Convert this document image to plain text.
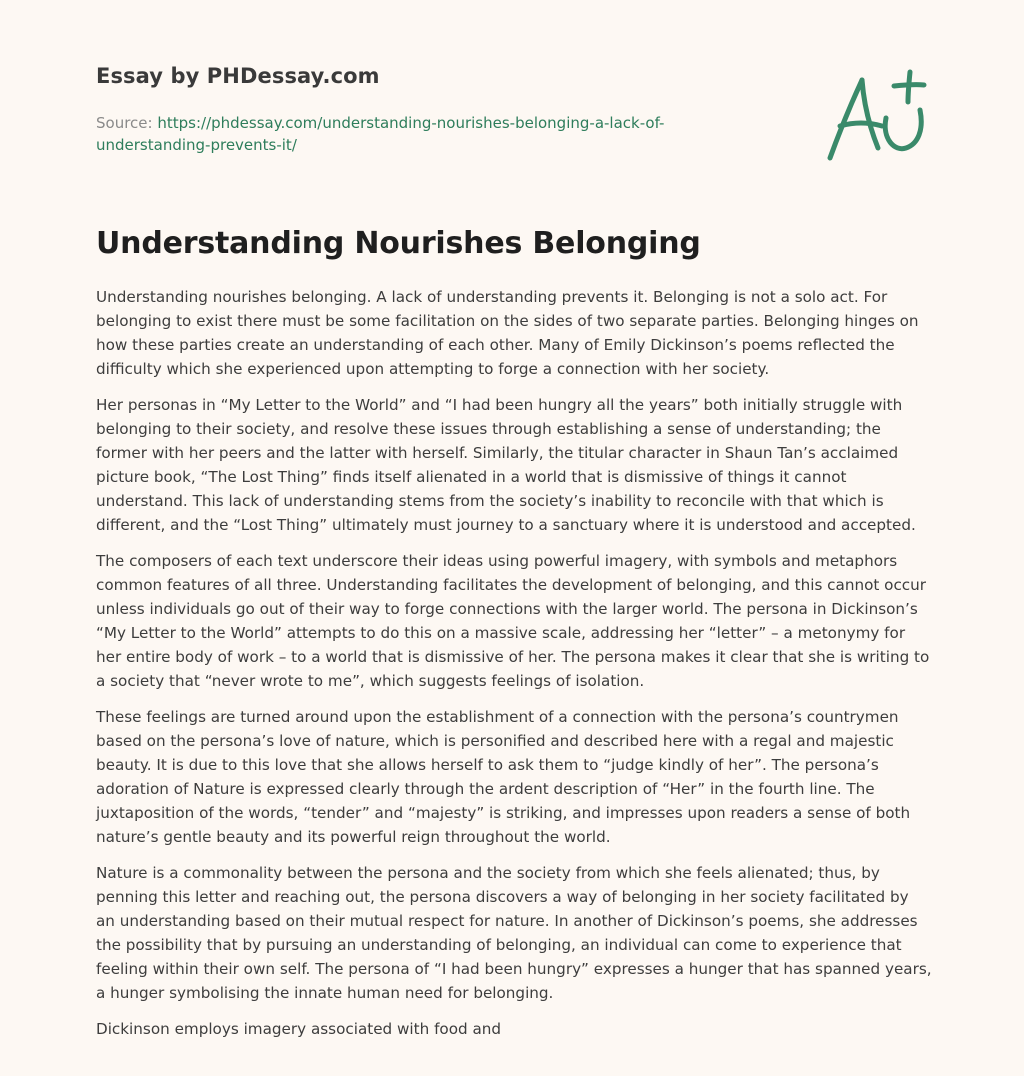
Essay by PHDessay.com
Source: https://phdessay.com/understanding-nourishes-belonging-a-lack-of-understanding-prevents-it/
Understanding Nourishes Belonging

Understanding nourishes belonging. A lack of understanding prevents it. Belonging is not a solo act. For belonging to exist there must be some facilitation on the sides of two separate parties. Belonging hinges on how these parties create an understanding of each other. Many of Emily Dickinson’s poems reflected the difficulty which she experienced upon attempting to forge a connection with her society.

Her personas in “My Letter to the World” and “I had been hungry all the years” both initially struggle with belonging to their society, and resolve these issues through establishing a sense of understanding; the former with her peers and the latter with herself. Similarly, the titular character in Shaun Tan’s acclaimed picture book, “The Lost Thing” finds itself alienated in a world that is dismissive of things it cannot understand. This lack of understanding stems from the society’s inability to reconcile with that which is different, and the “Lost Thing” ultimately must journey to a sanctuary where it is understood and accepted.

The composers of each text underscore their ideas using powerful imagery, with symbols and metaphors common features of all three. Understanding facilitates the development of belonging, and this cannot occur unless individuals go out of their way to forge connections with the larger world. The persona in Dickinson’s “My Letter to the World” attempts to do this on a massive scale, addressing her “letter” – a metonymy for her entire body of work – to a world that is dismissive of her. The persona makes it clear that she is writing to a society that “never wrote to me”, which suggests feelings of isolation.

These feelings are turned around upon the establishment of a connection with the persona’s countrymen based on the persona’s love of nature, which is personified and described here with a regal and majestic beauty. It is due to this love that she allows herself to ask them to “judge kindly of her”. The persona’s adoration of Nature is expressed clearly through the ardent description of “Her” in the fourth line. The juxtaposition of the words, “tender” and “majesty” is striking, and impresses upon readers a sense of both nature’s gentle beauty and its powerful reign throughout the world.

Nature is a commonality between the persona and the society from which she feels alienated; thus, by penning this letter and reaching out, the persona discovers a way of belonging in her society facilitated by an understanding based on their mutual respect for nature. In another of Dickinson’s poems, she addresses the possibility that by pursuing an understanding of belonging, an individual can come to experience that feeling within their own self. The persona of “I had been hungry” expresses a hunger that has spanned years, a hunger symbolising the innate human need for belonging.

Dickinson employs imagery associated with food and
